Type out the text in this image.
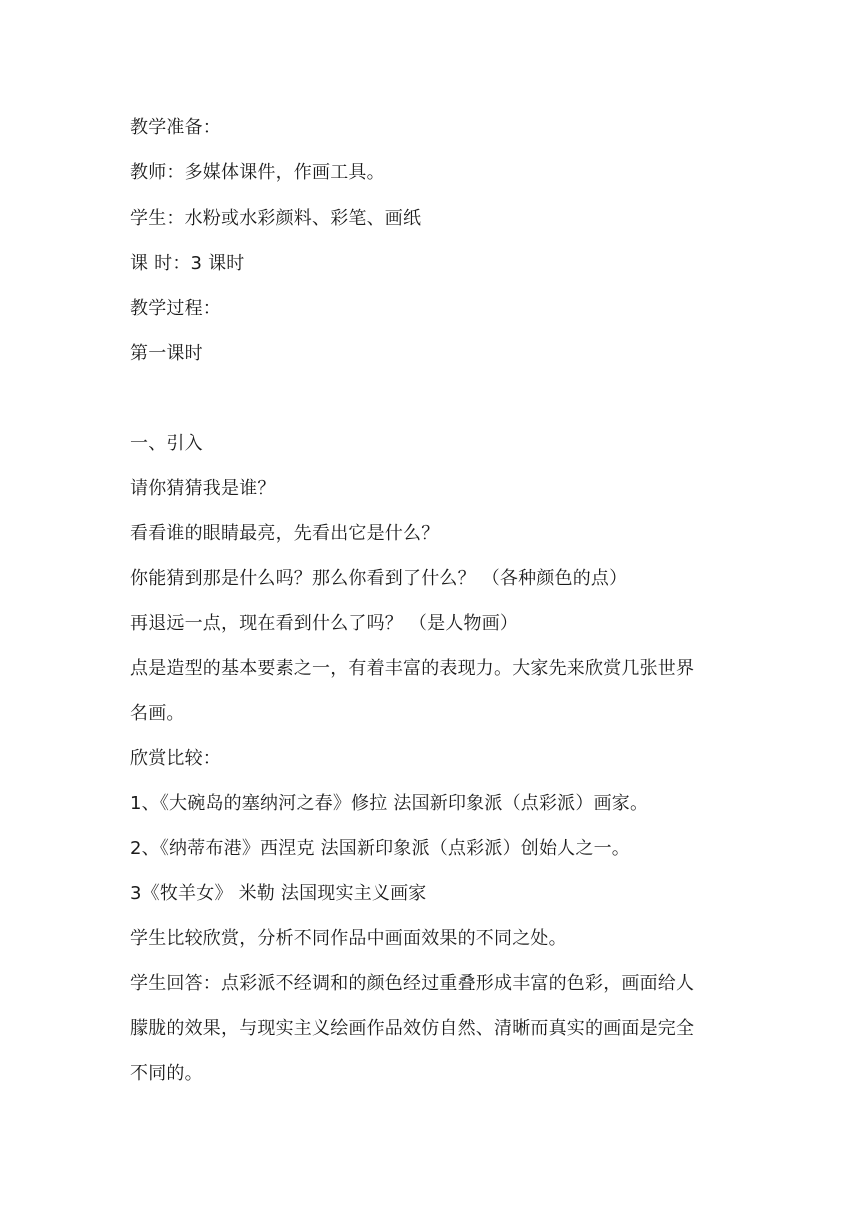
教学准备：
教师：多媒体课件，作画工具。
学生：水粉或水彩颜料、彩笔、画纸
课 时：3 课时
教学过程：
第一课时
一、引入
请你猜猜我是谁？
看看谁的眼睛最亮，先看出它是什么？
你能猜到那是什么吗？那么你看到了什么？ （各种颜色的点）
再退远一点，现在看到什么了吗？ （是人物画）
点是造型的基本要素之一，有着丰富的表现力。大家先来欣赏几张世界
名画。
欣赏比较：
1、《大碗岛的塞纳河之春》修拉 法国新印象派（点彩派）画家。
2、《纳蒂布港》西涅克 法国新印象派（点彩派）创始人之一。
3《牧羊女》 米勒 法国现实主义画家
学生比较欣赏，分析不同作品中画面效果的不同之处。
学生回答：点彩派不经调和的颜色经过重叠形成丰富的色彩，画面给人
朦胧的效果，与现实主义绘画作品效仿自然、清晰而真实的画面是完全
不同的。
